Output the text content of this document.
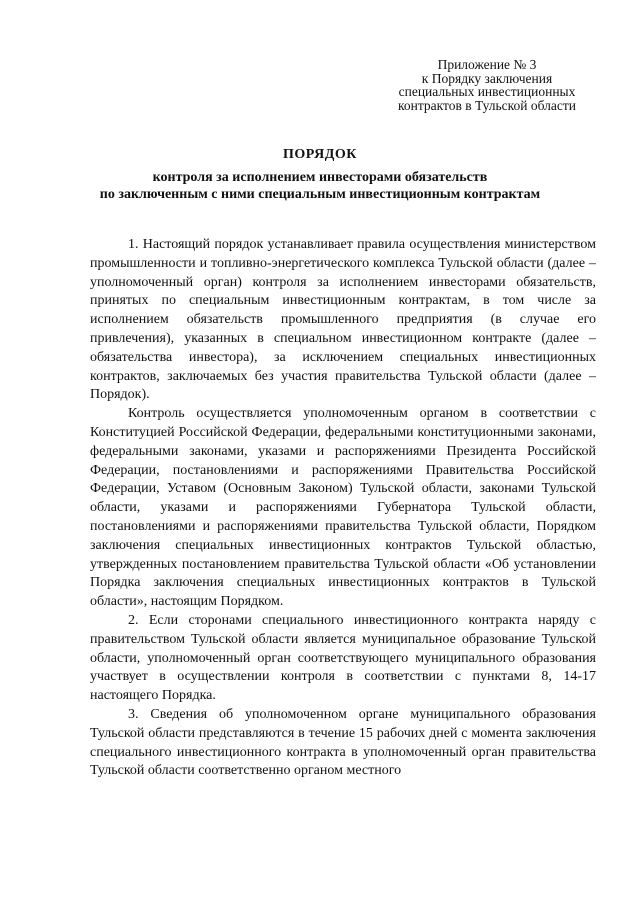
Приложение № 3
к Порядку заключения
специальных инвестиционных
контрактов в Тульской области
ПОРЯДОК
контроля за исполнением инвесторами обязательств
по заключенным с ними специальным инвестиционным контрактам

1. Настоящий порядок устанавливает правила осуществления министерством промышленности и топливно-энергетического комплекса Тульской области (далее – уполномоченный орган) контроля за исполнением инвесторами обязательств, принятых по специальным инвестиционным контрактам, в том числе за исполнением обязательств промышленного предприятия (в случае его привлечения), указанных в специальном инвестиционном контракте (далее – обязательства инвестора), за исключением специальных инвестиционных контрактов, заключаемых без участия правительства Тульской области (далее – Порядок).

Контроль осуществляется уполномоченным органом в соответствии с Конституцией Российской Федерации, федеральными конституционными законами, федеральными законами, указами и распоряжениями Президента Российской Федерации, постановлениями и распоряжениями Правительства Российской Федерации, Уставом (Основным Законом) Тульской области, законами Тульской области, указами и распоряжениями Губернатора Тульской области, постановлениями и распоряжениями правительства Тульской области, Порядком заключения специальных инвестиционных контрактов Тульской областью, утвержденных постановлением правительства Тульской области «Об установлении Порядка заключения специальных инвестиционных контрактов в Тульской области», настоящим Порядком.

2. Если сторонами специального инвестиционного контракта наряду с правительством Тульской области является муниципальное образование Тульской области, уполномоченный орган соответствующего муниципального образования участвует в осуществлении контроля в соответствии с пунктами 8, 14-17 настоящего Порядка.

3. Сведения об уполномоченном органе муниципального образования Тульской области представляются в течение 15 рабочих дней с момента заключения специального инвестиционного контракта в уполномоченный орган правительства Тульской области соответственно органом местного
